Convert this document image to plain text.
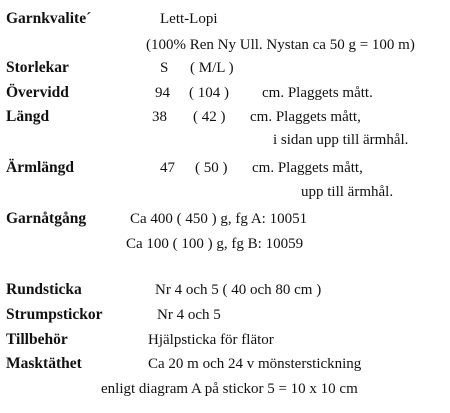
Garnkvalite´	Lett-Lopi
(100% Ren Ny Ull. Nystan ca 50 g = 100 m)
Storlekar	S ( M/L )
Övervidd	94 ( 104 ) cm. Plaggets mått.
Längd	38 ( 42 ) cm. Plaggets mått,
i sidan upp till ärmhål.
Ärmlängd	47 ( 50 ) cm. Plaggets mått,
upp till ärmhål.
Garnåtgång	Ca 400 ( 450 ) g, fg A: 10051
Ca 100 ( 100 ) g, fg B: 10059
Rundsticka	Nr 4 och 5 ( 40 och 80 cm )
Strumpstickor	Nr 4 och 5
Tillbehör	Hjälpsticka för flätor
Masktäthet	Ca 20 m och 24 v mönsterstickning
enligt diagram A på stickor 5 = 10 x 10 cm
